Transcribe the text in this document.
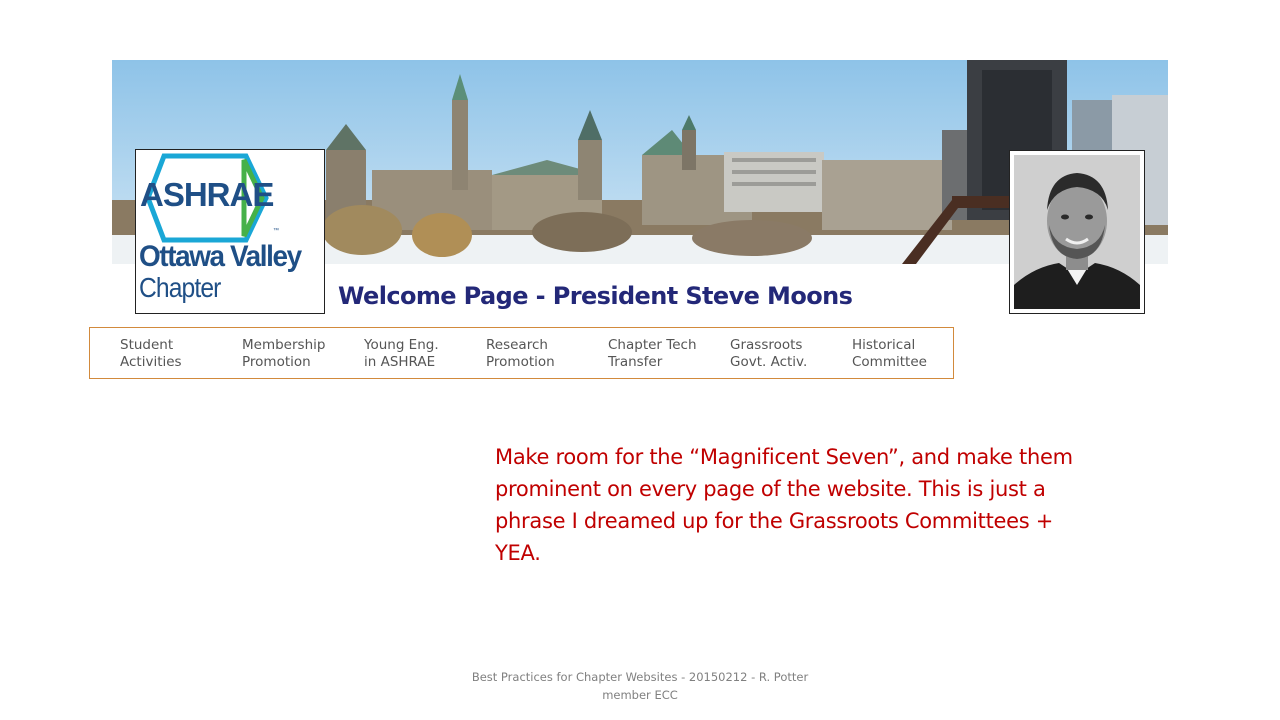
ASHRAE
™
Ottawa Valley
Chapter	Welcome Page - President Steve Moons
Student
Activities
Membership
Promotion
Young Eng.
in ASHRAE
Research
Promotion
Chapter Tech
Transfer
Grassroots
Govt. Activ.
Historical
Committee
Make room for the “Magnificent Seven”, and make them prominent on every page of the website. This is just a phrase I dreamed up for the Grassroots Committees + YEA.
Best Practices for Chapter Websites - 20150212 - R. Potter
member ECC
